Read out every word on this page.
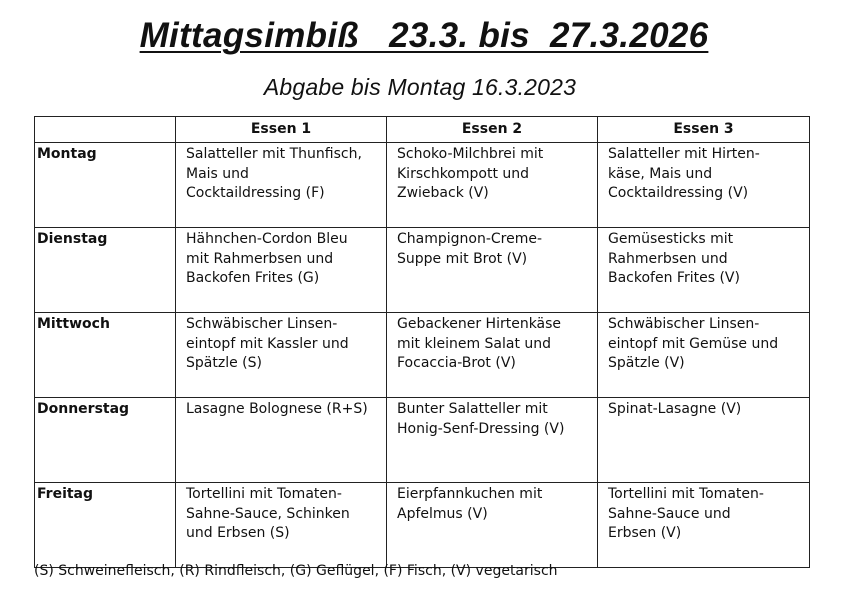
Mittagsimbiß   23.3. bis  27.3.2026
Abgabe bis Montag 16.3.2023
	Essen 1	Essen 2	Essen 3
Montag	Salatteller mit Thunfisch,
Mais und
Cocktaildressing (F)	Schoko-Milchbrei mit
Kirschkompott und
Zwieback (V)	Salatteller mit Hirten-
käse, Mais und
Cocktaildressing (V)
Dienstag	Hähnchen-Cordon Bleu
mit Rahmerbsen und
Backofen Frites (G)	Champignon-Creme-
Suppe mit Brot (V)	Gemüsesticks mit
Rahmerbsen und
Backofen Frites (V)
Mittwoch	Schwäbischer Linsen-
eintopf mit Kassler und
Spätzle (S)	Gebackener Hirtenkäse
mit kleinem Salat und
Focaccia-Brot (V)	Schwäbischer Linsen-
eintopf mit Gemüse und
Spätzle (V)
Donnerstag	Lasagne Bolognese (R+S)	Bunter Salatteller mit
Honig-Senf-Dressing (V)	Spinat-Lasagne (V)
Freitag	Tortellini mit Tomaten-
Sahne-Sauce, Schinken
und Erbsen (S)	Eierpfannkuchen mit
Apfelmus (V)	Tortellini mit Tomaten-
Sahne-Sauce und
Erbsen (V)
(S) Schweinefleisch, (R) Rindfleisch, (G) Geflügel, (F) Fisch, (V) vegetarisch
